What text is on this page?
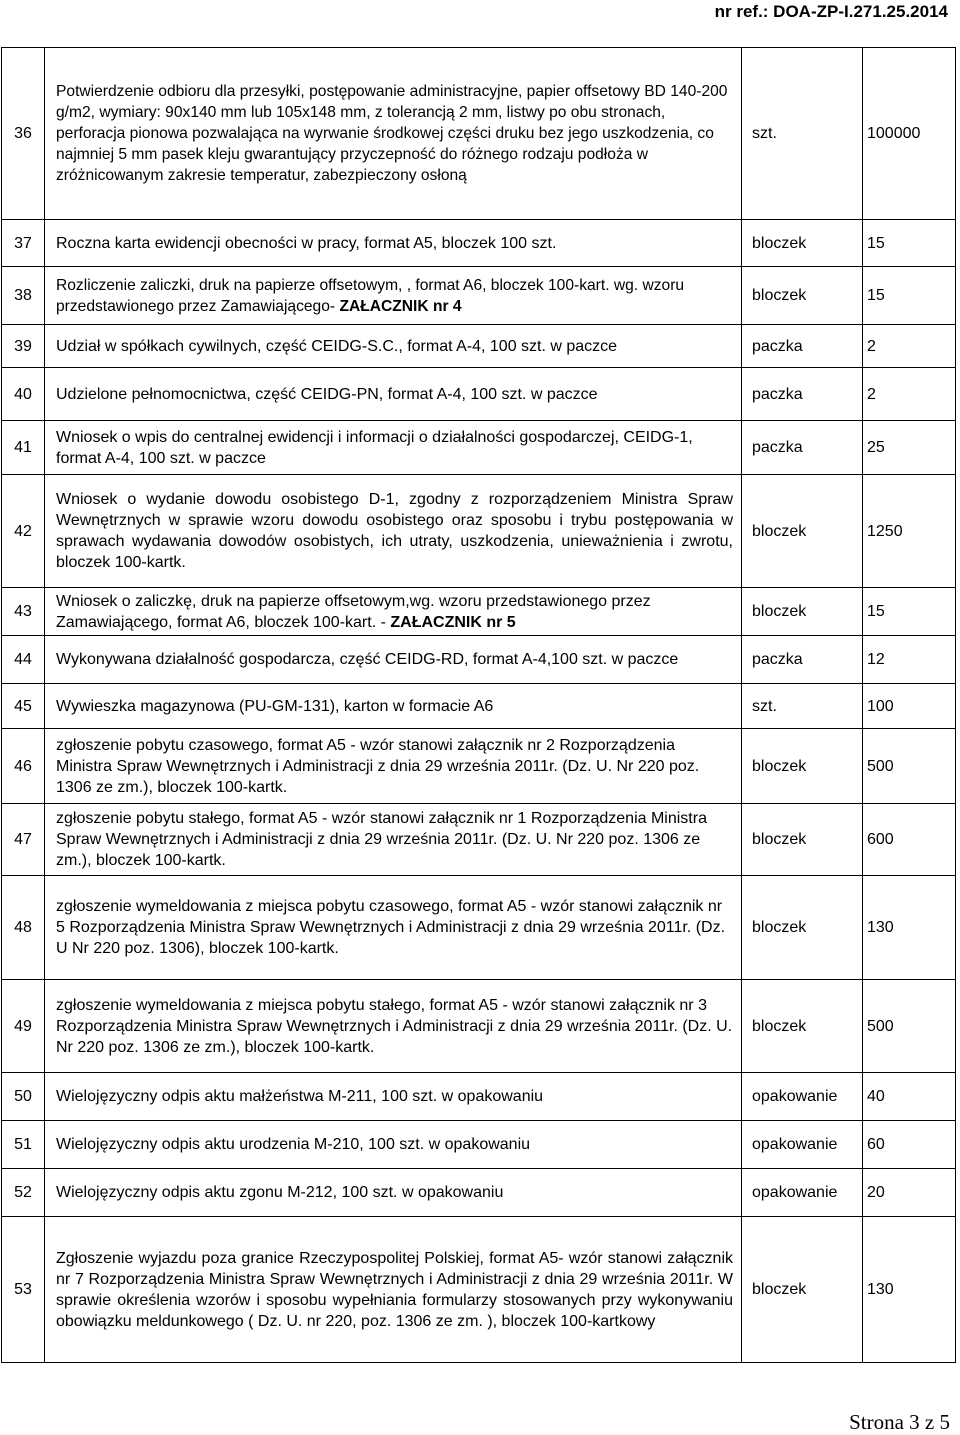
nr ref.: DOA-ZP-I.271.25.2014
36	Potwierdzenie odbioru dla przesyłki, postępowanie administracyjne, papier offsetowy BD 140-200 g/m2, wymiary: 90x140 mm lub 105x148 mm, z tolerancją 2 mm, listwy po obu stronach, perforacja pionowa pozwalająca na wyrwanie środkowej części druku bez jego uszkodzenia, co najmniej 5 mm pasek kleju gwarantujący przyczepność do różnego rodzaju podłoża w zróżnicowanym zakresie temperatur, zabezpieczony osłoną	szt.	100000
37	Roczna karta ewidencji obecności w pracy, format A5, bloczek 100 szt.	bloczek	15
38	Rozliczenie zaliczki, druk na papierze offsetowym, , format A6, bloczek 100-kart. wg. wzoru przedstawionego przez Zamawiającego- ZAŁACZNIK nr 4	bloczek	15
39	Udział w spółkach cywilnych, część CEIDG-S.C., format A-4, 100 szt. w paczce	paczka	2
40	Udzielone pełnomocnictwa, część CEIDG-PN, format A-4, 100 szt. w paczce	paczka	2
41	Wniosek o wpis do centralnej ewidencji i informacji o działalności gospodarczej, CEIDG-1, format A-4, 100 szt. w paczce	paczka	25
42	Wniosek o wydanie dowodu osobistego D-1, zgodny z rozporządzeniem Ministra Spraw Wewnętrznych w sprawie wzoru dowodu osobistego oraz sposobu i trybu postępowania w sprawach wydawania dowodów osobistych, ich utraty, uszkodzenia, unieważnienia i zwrotu, bloczek 100-kartk.	bloczek	1250
43	Wniosek o zaliczkę, druk na papierze offsetowym,wg. wzoru przedstawionego przez Zamawiającego, format A6, bloczek 100-kart. - ZAŁACZNIK nr 5	bloczek	15
44	Wykonywana działalność gospodarcza, część CEIDG-RD, format A-4,100 szt. w paczce	paczka	12
45	Wywieszka magazynowa (PU-GM-131), karton w formacie A6	szt.	100
46	zgłoszenie pobytu czasowego, format A5 - wzór stanowi załącznik nr 2 Rozporządzenia Ministra Spraw Wewnętrznych i Administracji z dnia 29 września 2011r. (Dz. U. Nr 220 poz. 1306 ze zm.), bloczek 100-kartk.	bloczek	500
47	zgłoszenie pobytu stałego, format A5 - wzór stanowi załącznik nr 1 Rozporządzenia Ministra Spraw Wewnętrznych i Administracji z dnia 29 września 2011r. (Dz. U. Nr 220 poz. 1306 ze zm.), bloczek 100-kartk.	bloczek	600
48	zgłoszenie wymeldowania z miejsca pobytu czasowego, format A5 - wzór stanowi załącznik nr 5 Rozporządzenia Ministra Spraw Wewnętrznych i Administracji z dnia 29 września 2011r. (Dz. U Nr 220 poz. 1306), bloczek 100-kartk.	bloczek	130
49	zgłoszenie wymeldowania z miejsca pobytu stałego, format A5 - wzór stanowi załącznik nr 3 Rozporządzenia Ministra Spraw Wewnętrznych i Administracji z dnia 29 września 2011r. (Dz. U. Nr 220 poz. 1306 ze zm.), bloczek 100-kartk.	bloczek	500
50	Wielojęzyczny odpis aktu małżeństwa M-211, 100 szt. w opakowaniu	opakowanie	40
51	Wielojęzyczny odpis aktu urodzenia M-210, 100 szt. w opakowaniu	opakowanie	60
52	Wielojęzyczny odpis aktu zgonu M-212, 100 szt. w opakowaniu	opakowanie	20
53	Zgłoszenie wyjazdu poza granice Rzeczypospolitej Polskiej, format A5- wzór stanowi załącznik nr 7 Rozporządzenia Ministra Spraw Wewnętrznych i Administracji z dnia 29 września 2011r. W sprawie określenia wzorów i sposobu wypełniania formularzy stosowanych przy wykonywaniu obowiązku meldunkowego ( Dz. U. nr 220, poz. 1306 ze zm. ), bloczek 100-kartkowy	bloczek	130
Strona 3 z 5
